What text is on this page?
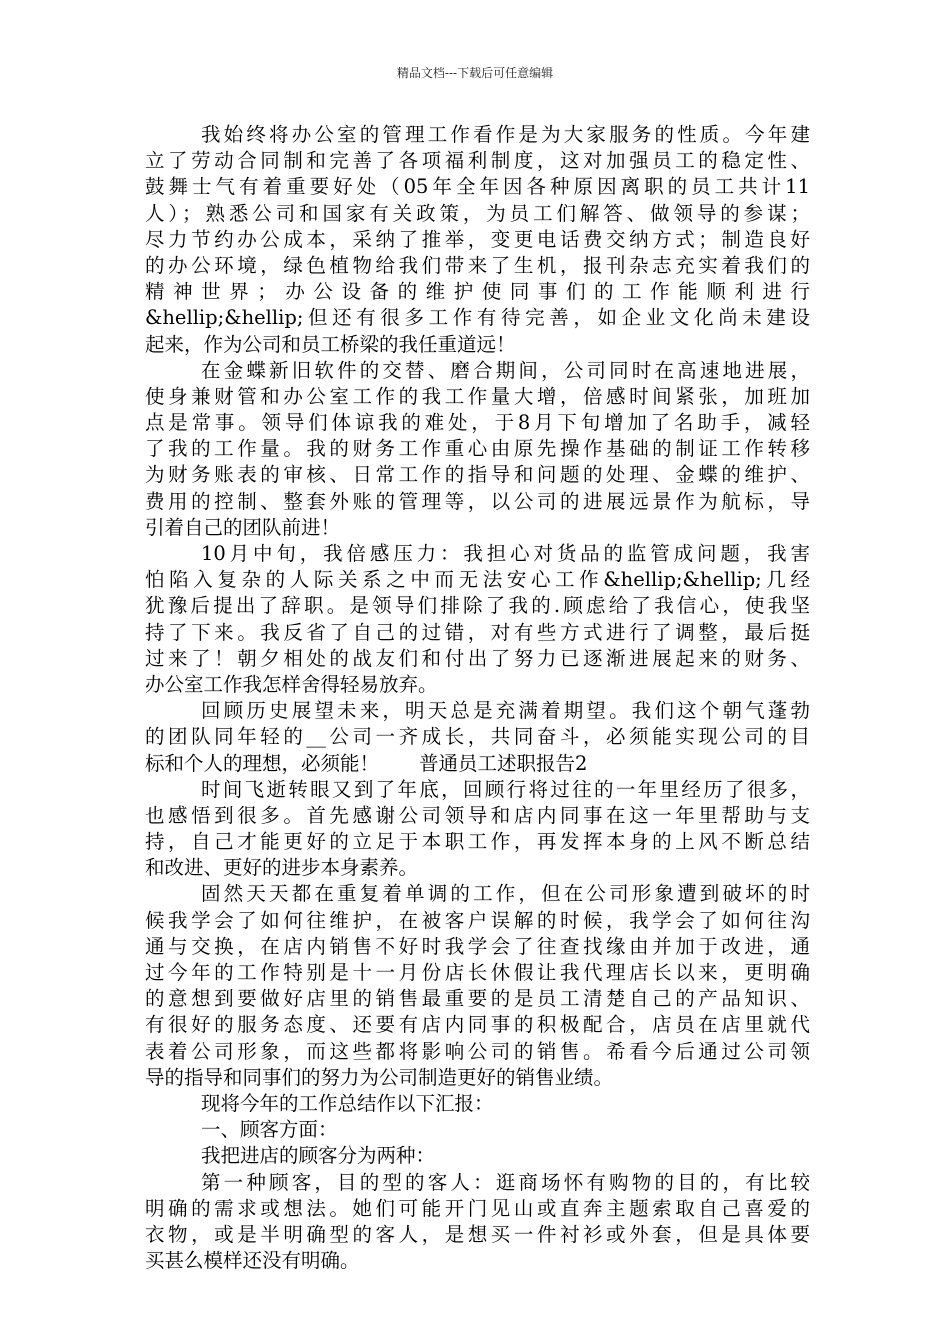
精品文档---下载后可任意编辑
我始终将办公室的管理工作看作是为大家服务的性质。今年建
立了劳动合同制和完善了各项福利制度，这对加强员工的稳定性、
鼓舞士气有着重要好处（05年全年因各种原因离职的员工共计11
人）；熟悉公司和国家有关政策，为员工们解答、做领导的参谋；
尽力节约办公成本，采纳了推举，变更电话费交纳方式；制造良好
的办公环境，绿色植物给我们带来了生机，报刊杂志充实着我们的
精神世界；办公设备的维护使同事们的工作能顺利进行
&hellip;&hellip;但还有很多工作有待完善，如企业文化尚未建设
起来，作为公司和员工桥梁的我任重道远！
在金蝶新旧软件的交替、磨合期间，公司同时在高速地进展，
使身兼财管和办公室工作的我工作量大增，倍感时间紧张，加班加
点是常事。领导们体谅我的难处，于8月下旬增加了名助手，减轻
了我的工作量。我的财务工作重心由原先操作基础的制证工作转移
为财务账表的审核、日常工作的指导和问题的处理、金蝶的维护、
费用的控制、整套外账的管理等，以公司的进展远景作为航标，导
引着自己的团队前进！
10月中旬，我倍感压力：我担心对货品的监管成问题，我害
怕陷入复杂的人际关系之中而无法安心工作&hellip;&hellip;几经
犹豫后提出了辞职。是领导们排除了我的.顾虑给了我信心，使我坚
持了下来。我反省了自己的过错，对有些方式进行了调整，最后挺
过来了！朝夕相处的战友们和付出了努力已逐渐进展起来的财务、
办公室工作我怎样舍得轻易放弃。
回顾历史展望未来，明天总是充满着期望。我们这个朝气蓬勃
的团队同年轻的__公司一齐成长，共同奋斗，必须能实现公司的目
标和个人的理想，必须能！ 普通员工述职报告2
时间飞逝转眼又到了年底，回顾行将过往的一年里经历了很多，
也感悟到很多。首先感谢公司领导和店内同事在这一年里帮助与支
持，自己才能更好的立足于本职工作，再发挥本身的上风不断总结
和改进、更好的进步本身素养。
固然天天都在重复着单调的工作，但在公司形象遭到破坏的时
候我学会了如何往维护，在被客户误解的时候，我学会了如何往沟
通与交换，在店内销售不好时我学会了往查找缘由并加于改进，通
过今年的工作特别是十一月份店长休假让我代理店长以来，更明确
的意想到要做好店里的销售最重要的是员工清楚自己的产品知识、
有很好的服务态度、还要有店内同事的积极配合，店员在店里就代
表着公司形象，而这些都将影响公司的销售。希看今后通过公司领
导的指导和同事们的努力为公司制造更好的销售业绩。
现将今年的工作总结作以下汇报：
一、顾客方面：
我把进店的顾客分为两种：
第一种顾客，目的型的客人：逛商场怀有购物的目的，有比较
明确的需求或想法。她们可能开门见山或直奔主题索取自己喜爱的
衣物，或是半明确型的客人，是想买一件衬衫或外套，但是具体要
买甚么模样还没有明确。
